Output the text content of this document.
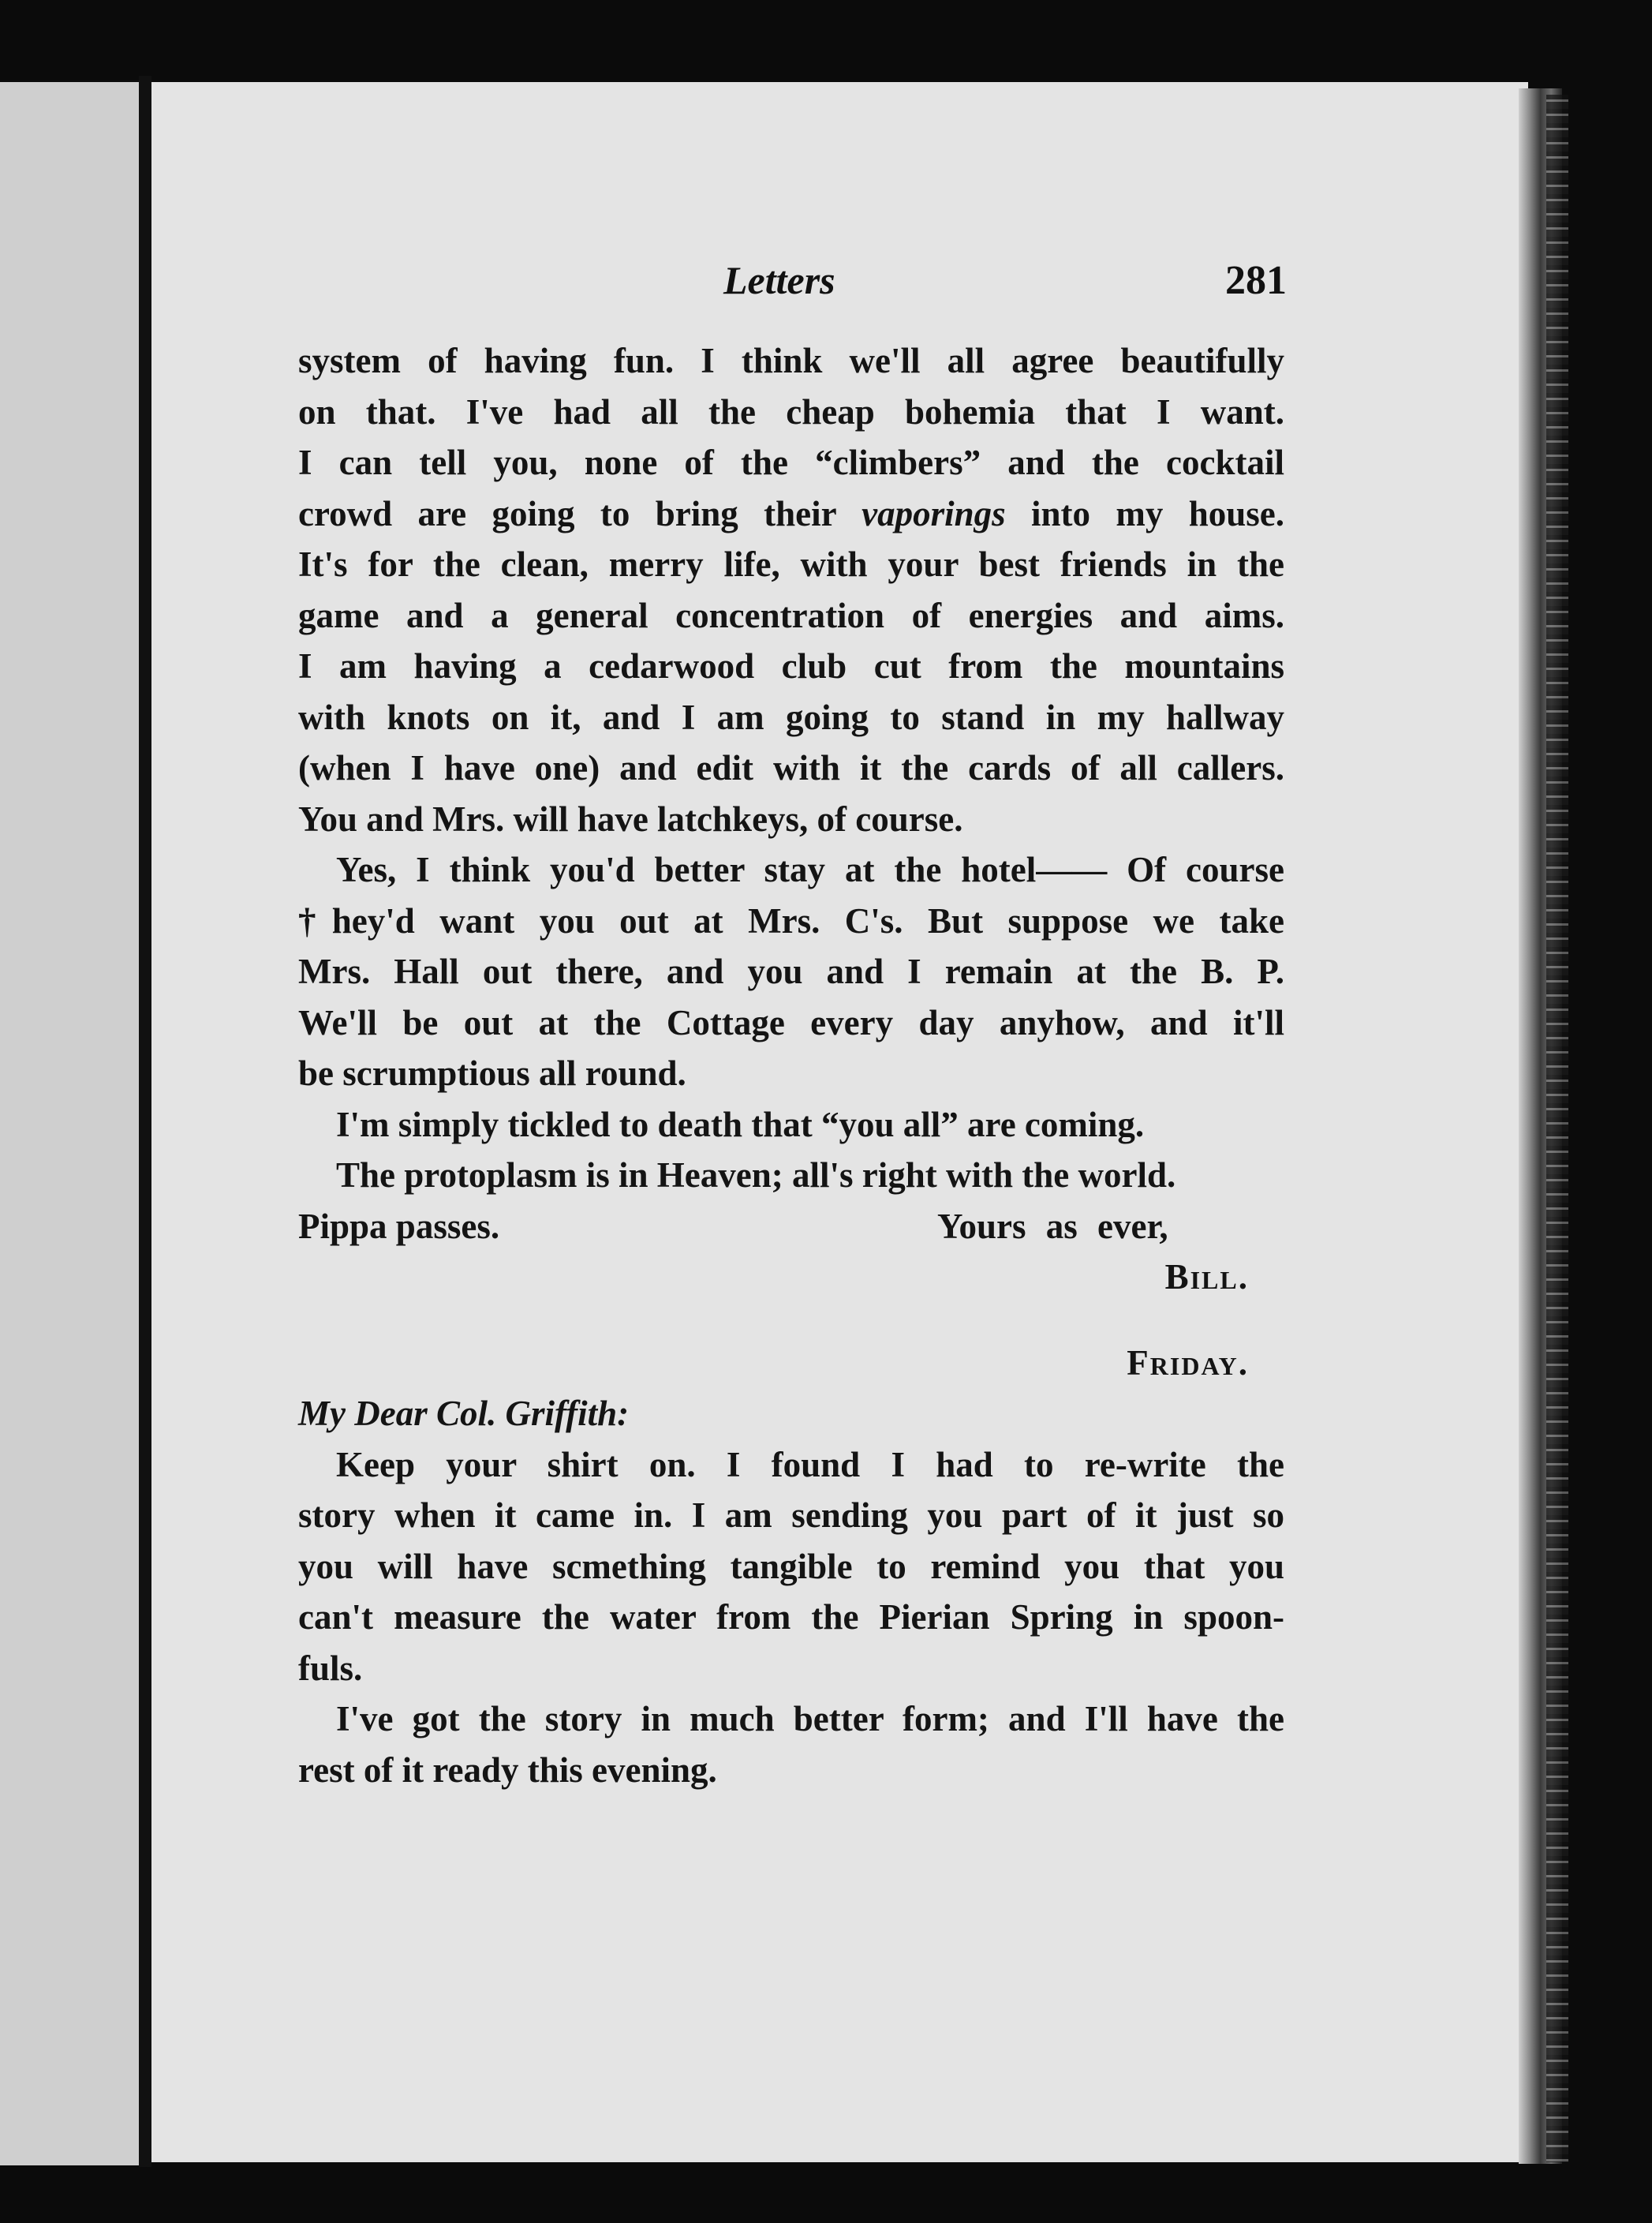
Letters	281
system of having fun. I think we'll all agree beautifully
on that. I've had all the cheap bohemia that I want.
I can tell you, none of the “climbers” and the cocktail
crowd are going to bring their vaporings into my house.
It's for the clean, merry life, with your best friends in the
game and a general concentration of energies and aims.
I am having a cedarwood club cut from the mountains
with knots on it, and I am going to stand in my hallway
(when I have one) and edit with it the cards of all callers.
You and Mrs. will have latchkeys, of course.
Yes, I think you'd better stay at the hotel—— Of course
†hey'd want you out at Mrs. C's. But suppose we take
Mrs. Hall out there, and you and I remain at the B. P.
We'll be out at the Cottage every day anyhow, and it'll
be scrumptious all round.
I'm simply tickled to death that “you all” are coming.
The protoplasm is in Heaven; all's right with the world.
Pippa passes.	Yours as ever,
Bill.
Friday.
My Dear Col. Griffith:
Keep your shirt on. I found I had to re-write the
story when it came in. I am sending you part of it just so
you will have scmething tangible to remind you that you
can't measure the water from the Pierian Spring in spoon-
fuls.
I've got the story in much better form; and I'll have the
rest of it ready this evening.
